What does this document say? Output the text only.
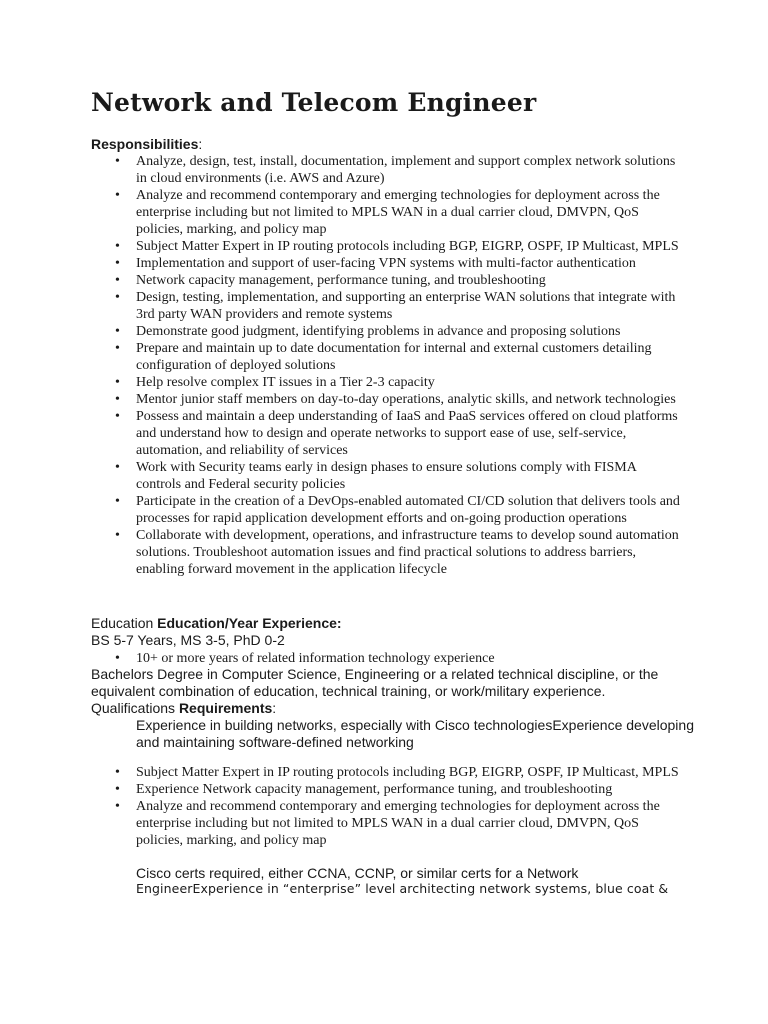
Network and Telecom Engineer
Responsibilities:
• Analyze, design, test, install, documentation, implement and support complex network solutions in cloud environments (i.e. AWS and Azure)
• Analyze and recommend contemporary and emerging technologies for deployment across the enterprise including but not limited to MPLS WAN in a dual carrier cloud, DMVPN, QoS policies, marking, and policy map
• Subject Matter Expert in IP routing protocols including BGP, EIGRP, OSPF, IP Multicast, MPLS
• Implementation and support of user-facing VPN systems with multi-factor authentication
• Network capacity management, performance tuning, and troubleshooting
• Design, testing, implementation, and supporting an enterprise WAN solutions that integrate with 3rd party WAN providers and remote systems
• Demonstrate good judgment, identifying problems in advance and proposing solutions
• Prepare and maintain up to date documentation for internal and external customers detailing configuration of deployed solutions
• Help resolve complex IT issues in a Tier 2-3 capacity
• Mentor junior staff members on day-to-day operations, analytic skills, and network technologies
• Possess and maintain a deep understanding of IaaS and PaaS services offered on cloud platforms and understand how to design and operate networks to support ease of use, self-service, automation, and reliability of services
• Work with Security teams early in design phases to ensure solutions comply with FISMA controls and Federal security policies
• Participate in the creation of a DevOps-enabled automated CI/CD solution that delivers tools and processes for rapid application development efforts and on-going production operations
• Collaborate with development, operations, and infrastructure teams to develop sound automation solutions. Troubleshoot automation issues and find practical solutions to address barriers, enabling forward movement in the application lifecycle
Education Education/Year Experience:
BS 5-7 Years, MS 3-5, PhD 0-2
• 10+ or more years of related information technology experience
Bachelors Degree in Computer Science, Engineering or a related technical discipline, or the equivalent combination of education, technical training, or work/military experience.
Qualifications Requirements:
Experience in building networks, especially with Cisco technologiesExperience developing and maintaining software-defined networking
• Subject Matter Expert in IP routing protocols including BGP, EIGRP, OSPF, IP Multicast, MPLS
• Experience Network capacity management, performance tuning, and troubleshooting
• Analyze and recommend contemporary and emerging technologies for deployment across the enterprise including but not limited to MPLS WAN in a dual carrier cloud, DMVPN, QoS policies, marking, and policy map
Cisco certs required, either CCNA, CCNP, or similar certs for a Network
EngineerExperience in “enterprise” level architecting network systems, blue coat &
